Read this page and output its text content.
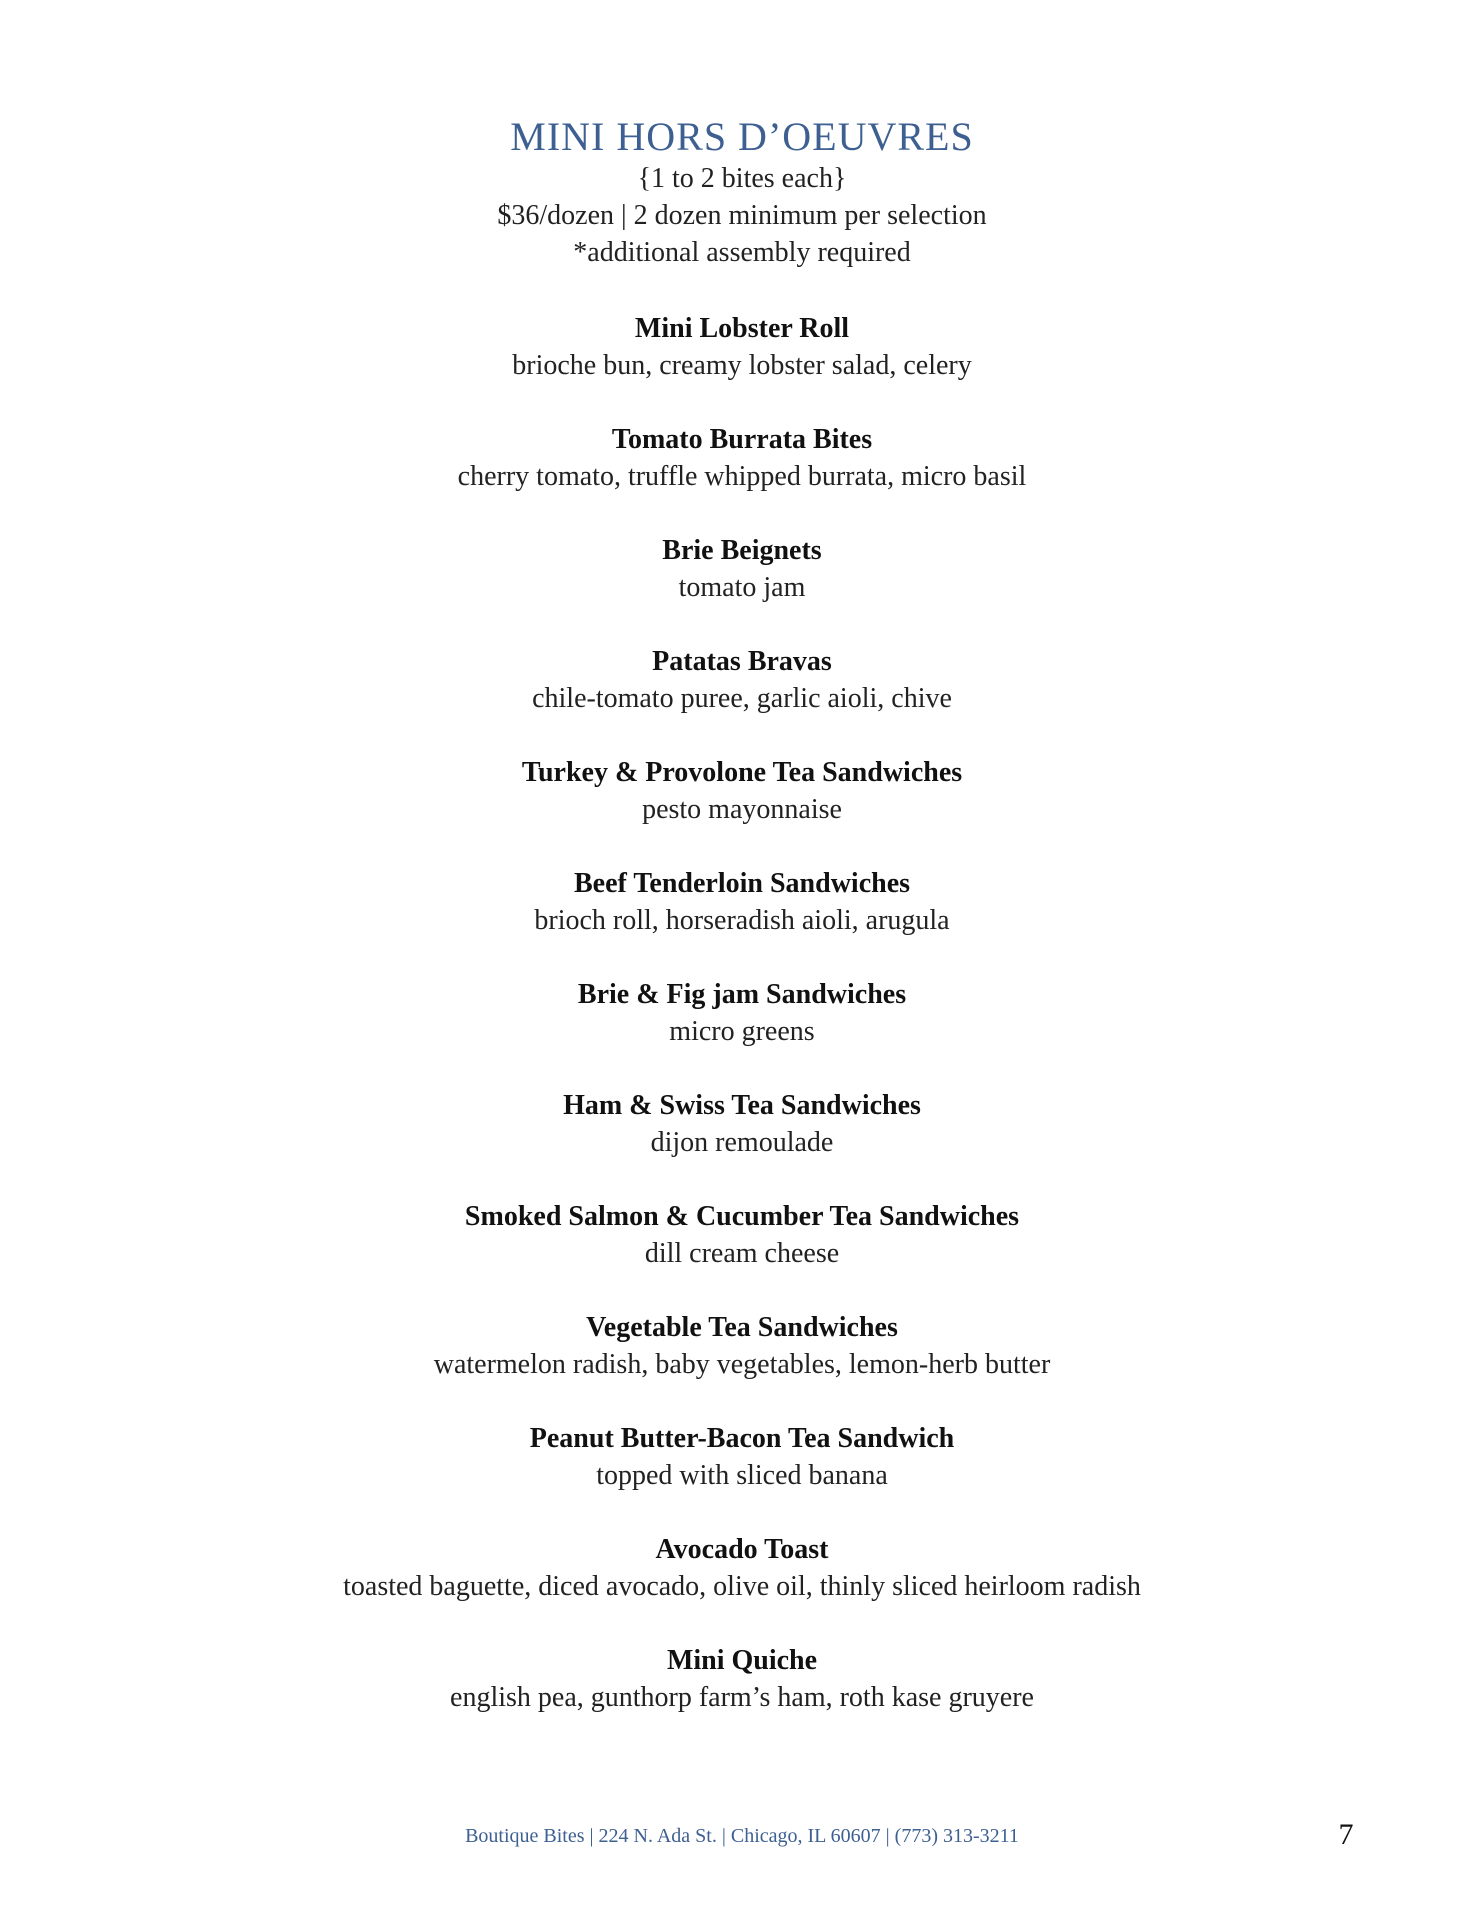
MINI HORS D’OEUVRES

{1 to 2 bites each}

$36/dozen | 2 dozen minimum per selection

*additional assembly required

Mini Lobster Roll

brioche bun, creamy lobster salad, celery

Tomato Burrata Bites

cherry tomato, truffle whipped burrata, micro basil

Brie Beignets

tomato jam

Patatas Bravas

chile-tomato puree, garlic aioli, chive

Turkey & Provolone Tea Sandwiches

pesto mayonnaise

Beef Tenderloin Sandwiches

brioch roll, horseradish aioli, arugula

Brie & Fig jam Sandwiches

micro greens

Ham & Swiss Tea Sandwiches

dijon remoulade

Smoked Salmon & Cucumber Tea Sandwiches

dill cream cheese

Vegetable Tea Sandwiches

watermelon radish, baby vegetables, lemon-herb butter

Peanut Butter-Bacon Tea Sandwich

topped with sliced banana

Avocado Toast

toasted baguette, diced avocado, olive oil, thinly sliced heirloom radish

Mini Quiche

english pea, gunthorp farm’s ham, roth kase gruyere

Boutique Bites | 224 N. Ada St. | Chicago, IL 60607 | (773) 313-3211	7
